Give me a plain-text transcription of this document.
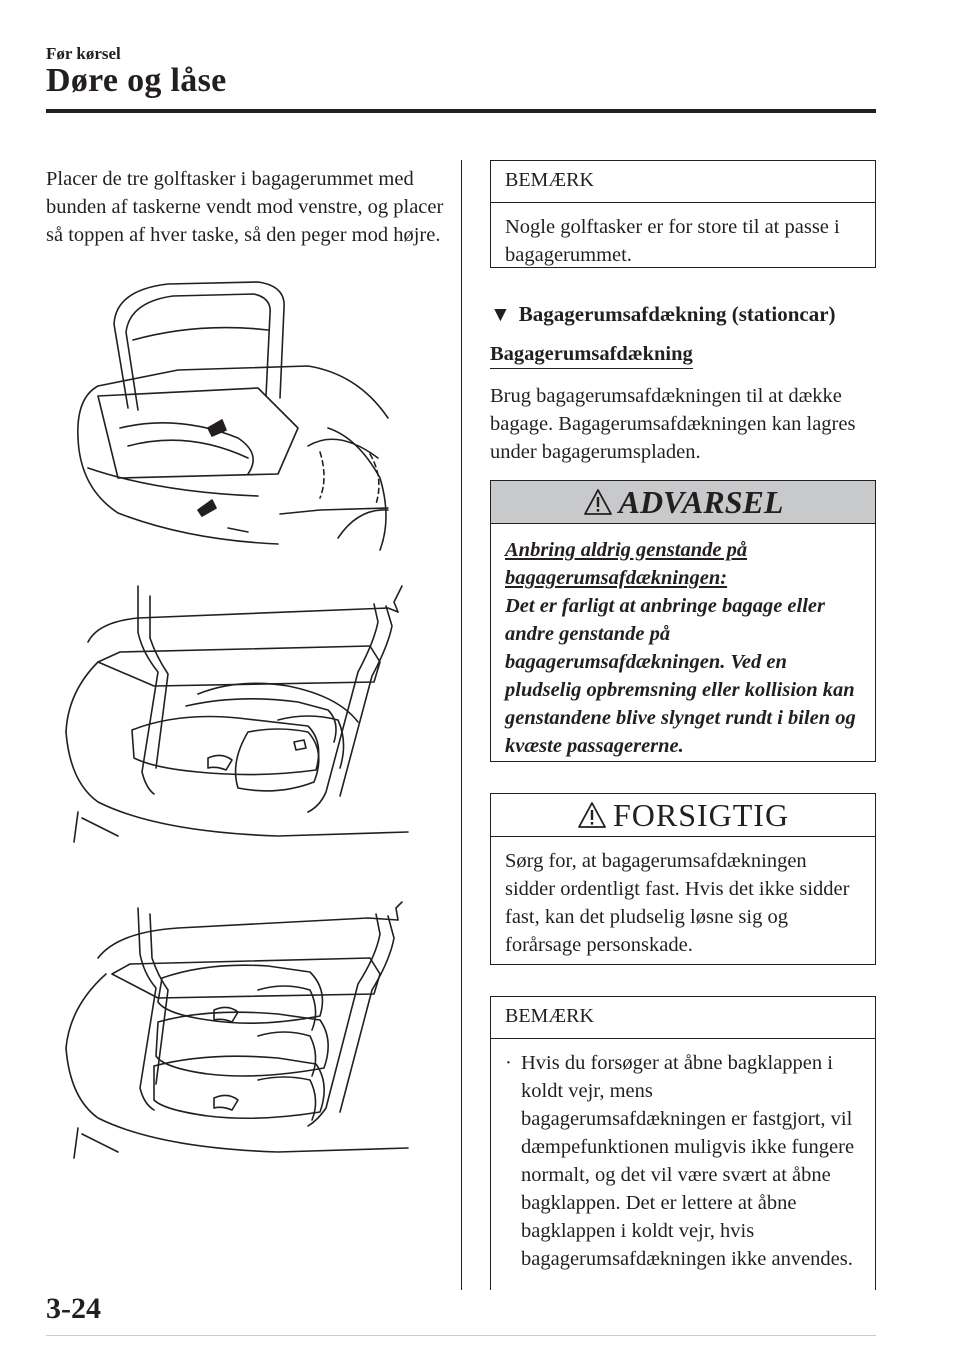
Før kørsel
Døre og låse
Placer de tre golftasker i bagagerummet med bunden af taskerne vendt mod venstre, og placer så toppen af hver taske, så den peger mod højre.
BEMÆRK
Nogle golftasker er for store til at passe i bagagerummet.
▼ Bagagerumsafdækning (stationcar)
Bagagerumsafdækning
Brug bagagerumsafdækningen til at dække bagage. Bagagerumsafdækningen kan lagres under bagagerumspladen.
ADVARSEL
Anbring aldrig genstande på bagagerumsafdækningen:
Det er farligt at anbringe bagage eller andre genstande på bagagerumsafdækningen. Ved en pludselig opbremsning eller kollision kan genstandene blive slynget rundt i bilen og kvæste passagererne.
FORSIGTIG
Sørg for, at bagagerumsafdækningen sidder ordentligt fast. Hvis det ikke sidder fast, kan det pludselig løsne sig og forårsage personskade.
BEMÆRK
· Hvis du forsøger at åbne bagklappen i koldt vejr, mens bagagerumsafdækningen er fastgjort, vil dæmpefunktionen muligvis ikke fungere normalt, og det vil være svært at åbne bagklappen. Det er lettere at åbne bagklappen i koldt vejr, hvis bagagerumsafdækningen ikke anvendes.
3-24
